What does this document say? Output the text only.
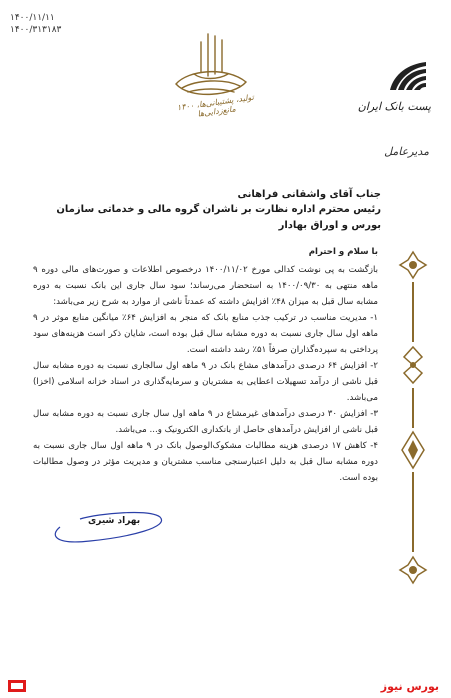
۱۴۰۰/۱۱/۱۱
۱۴۰۰/۳۱۳۱۸۳
۱۴۰۰ تولید، پشتیبانی‌ها، مانع‌زدایی‌ها	پست بانک ایران
مدیرعامل
جناب آقای واشقانی فراهانی
رئیس محترم اداره نظارت بر ناشران گروه مالی و خدماتی سازمان بورس و اوراق بهادار

با سلام و احترام

بازگشت به پی نوشت کدالی مورخ ۱۴۰۰/۱۱/۰۲ درخصوص اطلاعات و صورت‌های مالی دوره ۹ ماهه منتهی به ۱۴۰۰/۰۹/۳۰ به استحضار می‌رساند؛ سود سال جاری این بانک نسبت به دوره مشابه سال قبل به میزان ۴۸٪ افزایش داشته که عمدتاً ناشی از موارد به شرح زیر می‌باشد:

۱- مدیریت مناسب در ترکیب جذب منابع بانک که منجر به افزایش ۶۴٪ میانگین منابع موثر در ۹ ماهه اول سال جاری نسبت به دوره مشابه سال قبل بوده است، شایان ذکر است هزینه‌های سود پرداختی به سپرده‌گذاران صرفاً ۵۱٪ رشد داشته است.

۲- افزایش ۶۴ درصدی درآمدهای مشاع بانک در ۹ ماهه اول سالجاری نسبت به دوره مشابه سال قبل ناشی از درآمد تسهیلات اعطایی به مشتریان و سرمایه‌گذاری در اسناد خزانه اسلامی (اخزا) می‌باشد.

۳- افزایش ۳۰ درصدی درآمدهای غیرمشاع در ۹ ماهه اول سال جاری نسبت به دوره مشابه سال قبل ناشی از افزایش درآمدهای حاصل از بانکداری الکترونیک و... می‌باشد.

۴- کاهش ۱۷ درصدی هزینه مطالبات مشکوک‌الوصول بانک در ۹ ماهه اول سال جاری نسبت به دوره مشابه سال قبل به دلیل اعتبارسنجی مناسب مشتریان و مدیریت مؤثر در وصول مطالبات بوده است.

بهراد شیری
بورس نیوز
